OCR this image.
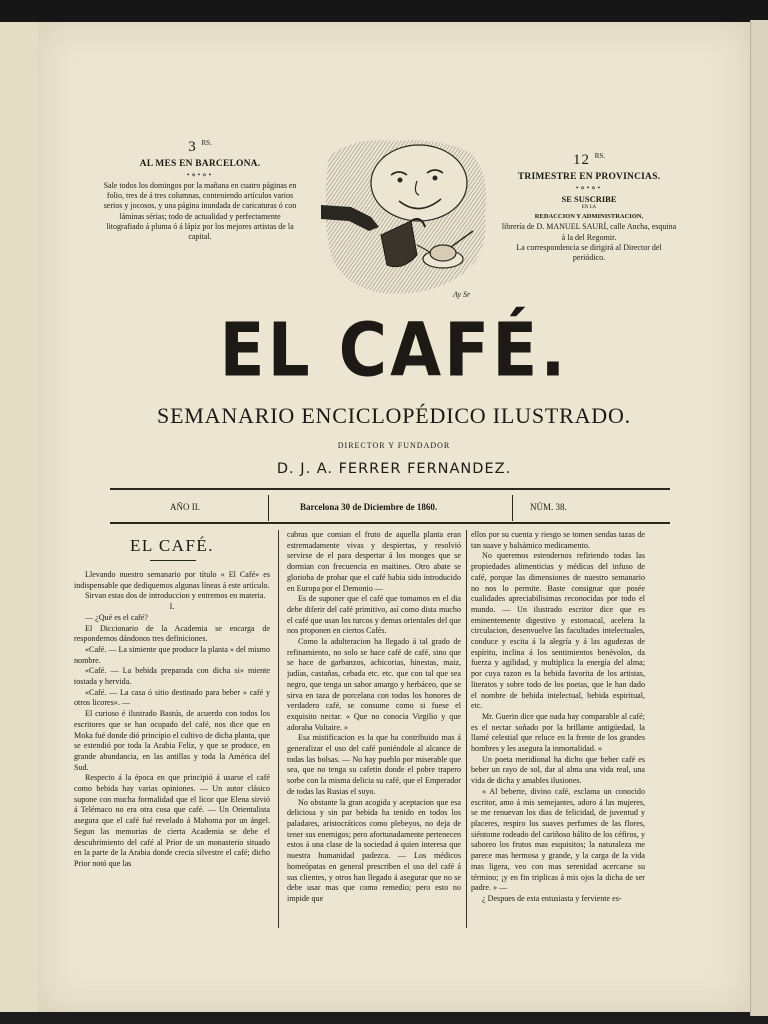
3 $^{RS.}$
AL MES EN BARCELONA.
•⋄•⋄•
Sale todos los domingos por la mañana en cuatro páginas en folio, tres de á tres columnas, conteniendo artículos varios serios y jocosos, y una página inundada de caricaturas ó con láminas sérias; todo de actualidad y perfectamente litografiado á pluma ó á lápiz por los mejores artistas de la capital.
12 $^{RS.}$
TRIMESTRE EN PROVINCIAS.
•⋄•⋄•
SE SUSCRIBE
EN LA
REDACCION Y ADMINISTRACION,
librería de D. MANUEL SAURÍ, calle Ancha, esquina á la del Regomir.
La correspondencia se dirigirá al Director del periódico.
Ay Sr
EL CAFÉ.
SEMANARIO ENCICLOPÉDICO ILUSTRADO.
DIRECTOR Y FUNDADOR
D. J. A. FERRER FERNANDEZ.
AÑO II.	Barcelona 30 de Diciembre de 1860.	NÚM. 38.
EL CAFÉ.

Llevando nuestro semanario por título « El Café» es indispensable que dediquemos algunas líneas á este artículo.

Sirvan estas dos de introduccion y entremos en materia.

I.

— ¿Qué es el café?

El Diccionario de la Academia se encarga de respondernos dándonos tres definiciones.

«Café. — La simiente que produce la planta » del mismo nombre.

«Café. — La bebida preparada con dicha si» miente tostada y hervida.

«Café. — La casa ó sitio destinado para beber » café y otros licores». —

El curioso é ilustrado Bastús, de acuerdo con todos los escritores que se han ocupado del café, nos dice que en Moka fué donde dió principio el cultivo de dicha planta, que se estendió por toda la Arabia Feliz, y que se produce, en grande abundancia, en las antillas y toda la América del Sud.

Respecto á la época en que principió á usarse el café como bebida hay varias opiniones. — Un autor clásico supone con mucha formalidad que el licor que Elena sirvió á Telémaco no era otra cosa que café. — Un Orientalista asegura que el café fué revelado á Mahoma por un ángel. Segun las memorias de cierta Academia se debe el descubrimiento del café al Prior de un monasterio situado en la parte de la Arabia donde crecia silvestre el café; dicho Prior notó que las

cabras que comian el fruto de aquella planta eran estremadamente vivas y despiertas, y resolvió servirse de el para despertar á los monges que se dormian con frecuencia en maitines. Otro abate se glorioba de probar que el café habia sido introducido en Europa por el Demonio —

Es de suponer que el café que tomamos en el dia debe diferir del café primitivo, así como dista mucho el café que usan los turcos y demas orientales del que nos proponen en ciertos Cafés.

Como la adulteracion ha llegado á tal grado de refinamiento, no solo se hace café de café, sino que se hace de garbanzos, achicorias, hinestas, maiz, judías, castañas, cebada etc. etc. que con tal que sea negro, que tenga un sabor amargo y herbáceo, que se sirva en taza de porcelana con todos los honores de verdadero café, se consume como si fuese el exquisito nectar. « Que no conocia Virgilio y que adoraba Voltaire. »

Esa mistificacion es la que ha contribuido mas á generalizar el uso del café poniéndole al alcance de todas las bolsas. — No hay pueblo por miserable que sea, que no tenga su cafetin donde el pobre trapero sorbe con la misma delicia su café, que el Emperador de todas las Rusias el suyo.

No obstante la gran acogida y aceptacion que esa deliciosa y sin par bebida ha tenido en todos los paladares, aristocráticos como plebeyos, no deja de tener sus enemigos; pero afortunadamente pertenecen estos á una clase de la sociedad á quien interesa que nuestra humanidad padezca. — Los médicos homeópatas en general prescriben el uso del café á sus clientes, y otros han llegado á asegurar que no se debe usar mas que como remedio; pero esto no impide que

ellos por su cuenta y riesgo se tomen sendas tazas de tan suave y balsámico medicamento.

No queremos estendernos refiriendo todas las propiedades alimenticias y médicas del infuso de café, porque las dimensiones de nuestro semanario no nos lo permite. Baste consignar que posée cualidades apreciabilisimas reconocidas por todo el mundo. — Un ilustrado escritor dice que es eminentemente digestivo y estomacal, acelera la circulacion, desenvuelve las facultades intelectuales, conduce y escita á la alegría y á las agudezas de espíritu, inclina á los sentimientos benévolos, da fuerza y agilidad, y multiplica la energía del alma; por cuya razon es la bebida favorita de los artistas, literatos y sobre todo de los poetas, que le han dado el nombre de bebida intelectual, bebida espiritual, etc.

Mr. Guerin dice que nada hay comparable al café; es el nectar soñado por la brillante antigüedad, la llamé celestial que reluce en la frente de los grandes hombres y les asegura la inmortalidad. »

Un poeta meridional ha dicho que beber café es beber un rayo de sol, dar al alma una vida real, una vida de dicha y amables ilusiones.

« Al beberte, divino café, esclama un conocido escritor, amo á mis semejantes, adoro á las mujeres, se me renuevan los dias de felicidad, de juventud y placeres, respiro los suaves perfumes de las flores, siéntome rodeado del cariñoso hálito de los céfiros, y saboreo los frutos mas esquisitos; la naturaleza me parece mas hermosa y grande, y la carga de la vida mas ligera, veo con mas serenidad acercarse su término; ¡y en fin triplicas á mis ojos la dicha de ser padre. » —

¿ Despues de esta entusiasta y ferviente es-
